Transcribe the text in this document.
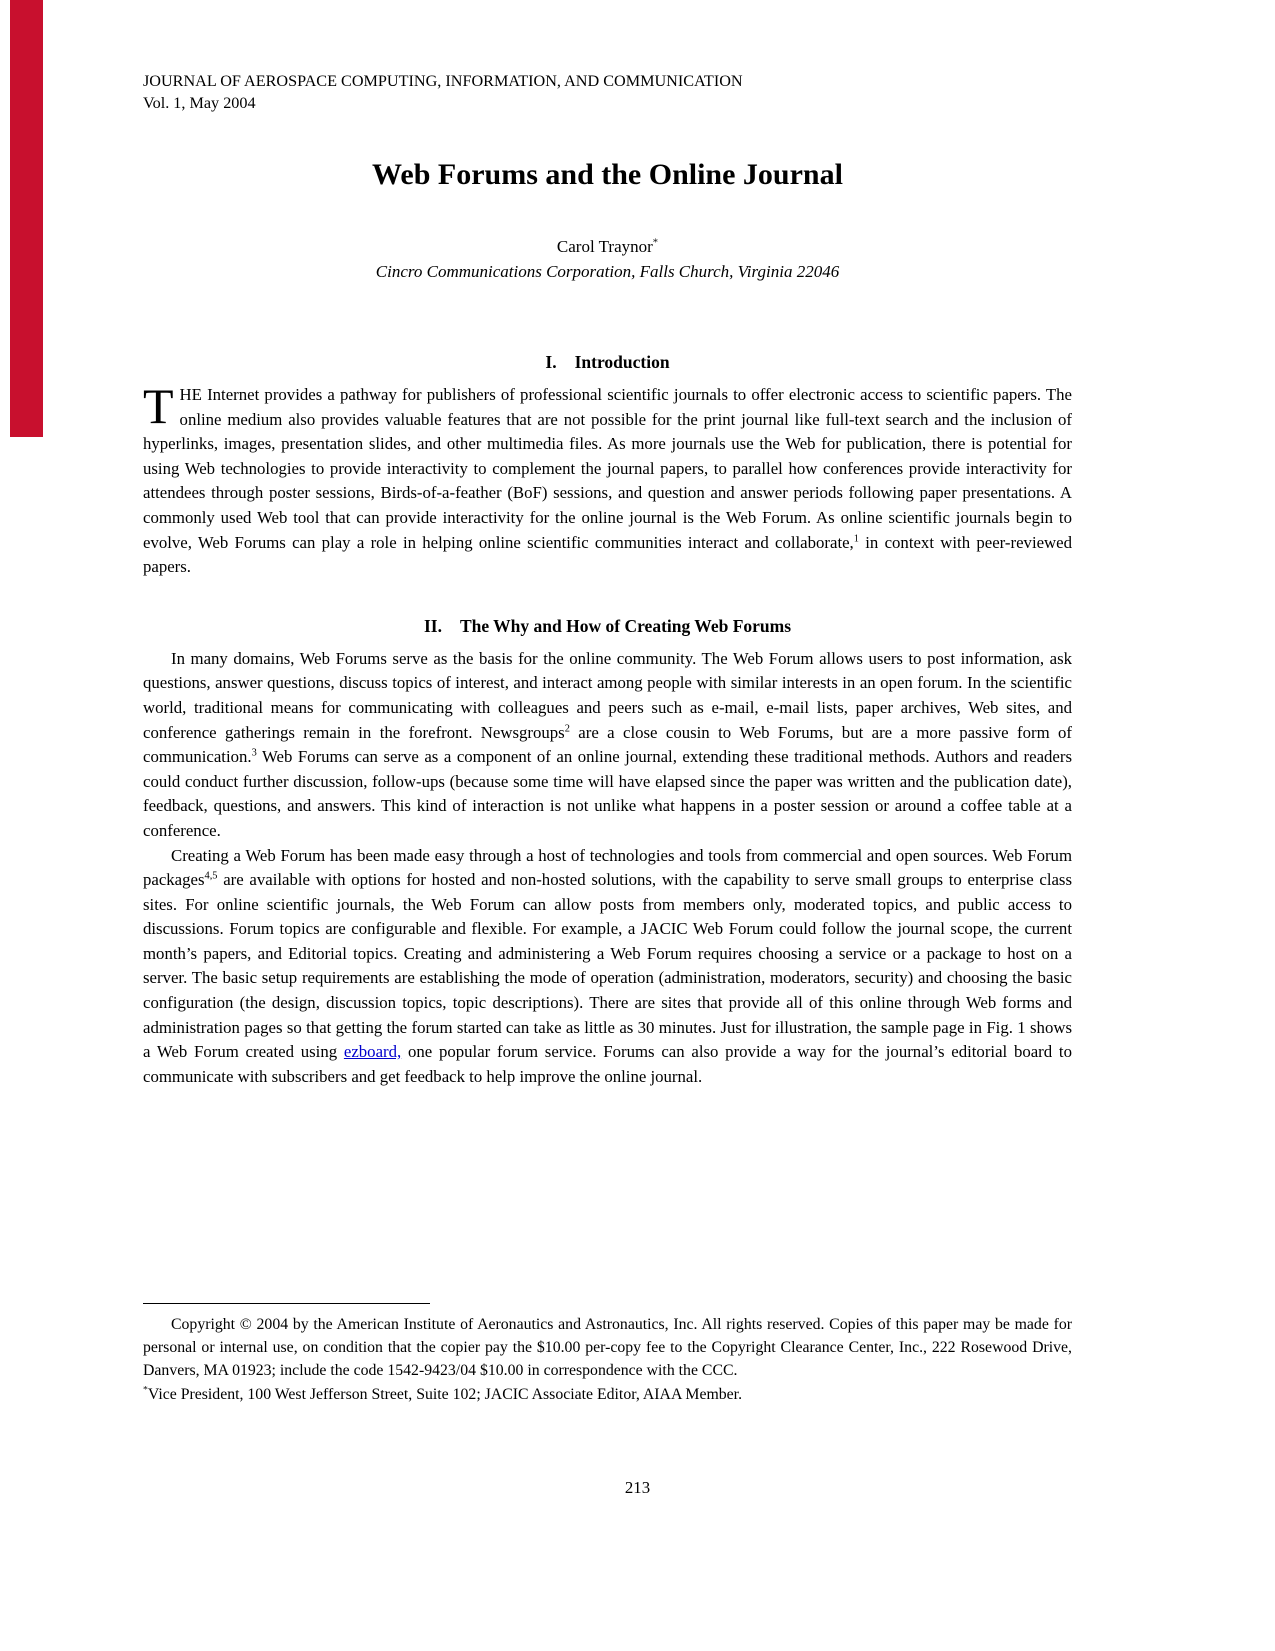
JOURNAL OF AEROSPACE COMPUTING, INFORMATION, AND COMMUNICATION
Vol. 1, May 2004
Web Forums and the Online Journal
Carol Traynor*
Cincro Communications Corporation, Falls Church, Virginia 22046
I. Introduction
THE Internet provides a pathway for publishers of professional scientific journals to offer electronic access to scientific papers. The online medium also provides valuable features that are not possible for the print journal like full-text search and the inclusion of hyperlinks, images, presentation slides, and other multimedia files. As more journals use the Web for publication, there is potential for using Web technologies to provide interactivity to complement the journal papers, to parallel how conferences provide interactivity for attendees through poster sessions, Birds-of-a-feather (BoF) sessions, and question and answer periods following paper presentations. A commonly used Web tool that can provide interactivity for the online journal is the Web Forum. As online scientific journals begin to evolve, Web Forums can play a role in helping online scientific communities interact and collaborate,$^1$ in context with peer-reviewed papers.
II. The Why and How of Creating Web Forums
In many domains, Web Forums serve as the basis for the online community. The Web Forum allows users to post information, ask questions, answer questions, discuss topics of interest, and interact among people with similar interests in an open forum. In the scientific world, traditional means for communicating with colleagues and peers such as e-mail, e-mail lists, paper archives, Web sites, and conference gatherings remain in the forefront. Newsgroups$^2$ are a close cousin to Web Forums, but are a more passive form of communication.$^3$ Web Forums can serve as a component of an online journal, extending these traditional methods. Authors and readers could conduct further discussion, follow-ups (because some time will have elapsed since the paper was written and the publication date), feedback, questions, and answers. This kind of interaction is not unlike what happens in a poster session or around a coffee table at a conference.
Creating a Web Forum has been made easy through a host of technologies and tools from commercial and open sources. Web Forum packages$^{4,5}$ are available with options for hosted and non-hosted solutions, with the capability to serve small groups to enterprise class sites. For online scientific journals, the Web Forum can allow posts from members only, moderated topics, and public access to discussions. Forum topics are configurable and flexible. For example, a JACIC Web Forum could follow the journal scope, the current month’s papers, and Editorial topics. Creating and administering a Web Forum requires choosing a service or a package to host on a server. The basic setup requirements are establishing the mode of operation (administration, moderators, security) and choosing the basic configuration (the design, discussion topics, topic descriptions). There are sites that provide all of this online through Web forms and administration pages so that getting the forum started can take as little as 30 minutes. Just for illustration, the sample page in Fig. 1 shows a Web Forum created using ezboard, one popular forum service. Forums can also provide a way for the journal’s editorial board to communicate with subscribers and get feedback to help improve the online journal.
Copyright © 2004 by the American Institute of Aeronautics and Astronautics, Inc. All rights reserved. Copies of this paper may be made for personal or internal use, on condition that the copier pay the $10.00 per-copy fee to the Copyright Clearance Center, Inc., 222 Rosewood Drive, Danvers, MA 01923; include the code 1542-9423/04 $10.00 in correspondence with the CCC.
*Vice President, 100 West Jefferson Street, Suite 102; JACIC Associate Editor, AIAA Member.
213
